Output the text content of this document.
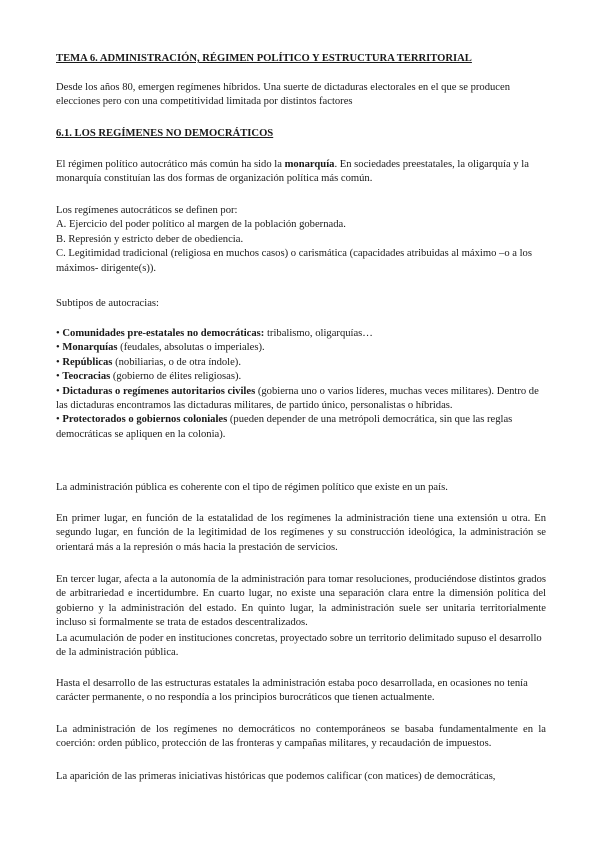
TEMA 6. ADMINISTRACIÓN, RÉGIMEN POLÍTICO Y ESTRUCTURA TERRITORIAL

Desde los años 80, emergen regímenes híbridos. Una suerte de dictaduras electorales en el que se producen elecciones pero con una competitividad limitada por distintos factores

6.1. LOS REGÍMENES NO DEMOCRÁTICOS

El régimen político autocrático más común ha sido la monarquía. En sociedades preestatales, la oligarquía y la monarquía constituían las dos formas de organización política más común.

Los regímenes autocráticos se definen por:

A. Ejercicio del poder político al margen de la población gobernada.

B. Represión y estricto deber de obediencia.

C. Legitimidad tradicional (religiosa en muchos casos) o carismática (capacidades atribuidas al máximo –o a los máximos- dirigente(s)).

Subtipos de autocracias:

• Comunidades pre-estatales no democráticas: tribalismo, oligarquías…

• Monarquías (feudales, absolutas o imperiales).

• Repúblicas (nobiliarias, o de otra índole).

• Teocracias (gobierno de élites religiosas).

• Dictaduras o regímenes autoritarios civiles (gobierna uno o varios líderes, muchas veces militares). Dentro de las dictaduras encontramos las dictaduras militares, de partido único, personalistas o híbridas.

• Protectorados o gobiernos coloniales (pueden depender de una metrópoli democrática, sin que las reglas democráticas se apliquen en la colonia).

La administración pública es coherente con el tipo de régimen político que existe en un país.

En primer lugar, en función de la estatalidad de los regímenes la administración tiene una extensión u otra. En segundo lugar, en función de la legitimidad de los regímenes y su construcción ideológica, la administración se orientará más a la represión o más hacia la prestación de servicios.

En tercer lugar, afecta a la autonomía de la administración para tomar resoluciones, produciéndose distintos grados de arbitrariedad e incertidumbre. En cuarto lugar, no existe una separación clara entre la dimensión política del gobierno y la administración del estado. En quinto lugar, la administración suele ser unitaria territorialmente incluso si formalmente se trata de estados descentralizados.

La acumulación de poder en instituciones concretas, proyectado sobre un territorio delimitado supuso el desarrollo de la administración pública.

Hasta el desarrollo de las estructuras estatales la administración estaba poco desarrollada, en ocasiones no tenía carácter permanente, o no respondía a los principios burocráticos que tienen actualmente.

La administración de los regímenes no democráticos no contemporáneos se basaba fundamentalmente en la coerción: orden público, protección de las fronteras y campañas militares, y recaudación de impuestos.

La aparición de las primeras iniciativas históricas que podemos calificar (con matices) de democráticas,
